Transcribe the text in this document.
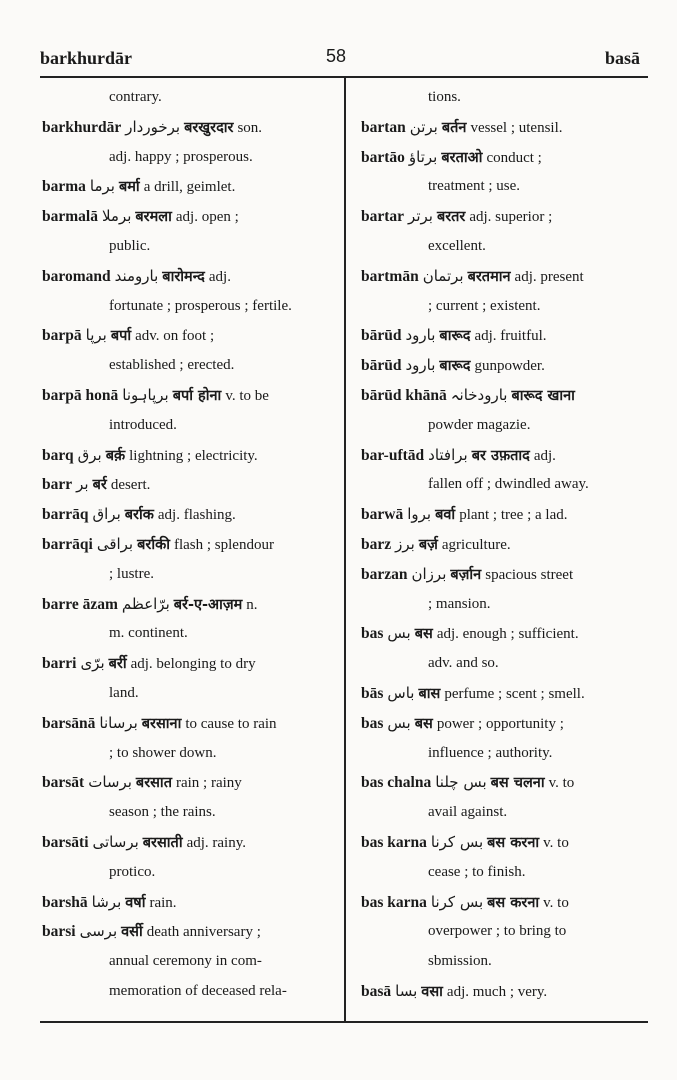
barkhurdār	58	basā
contrary.
barkhurdār برخوردار बरखुरदार son.
adj. happy ; prosperous.
barma برما बर्मा a drill, geimlet.
barmalā برملا बरमला adj. open ;
public.
baromand بارومند बारोमन्द adj.
fortunate ; prosperous ; fertile.
barpā برپا बर्पा adv. on foot ;
established ; erected.
barpā honā برپاہونا बर्पा होना v. to be
introduced.
barq برق बर्क़ lightning ; electricity.
barr بر बर्र desert.
barrāq براق बर्राक adj. flashing.
barrāqi براقی बर्राकी flash ; splendour
; lustre.
barre āzam برّاعظم बर्र-ए-आज़म n.
m. continent.
barri برّی बर्री adj. belonging to dry
land.
barsānā برسانا बरसाना to cause to rain
; to shower down.
barsāt برسات बरसात rain ; rainy
season ; the rains.
barsāti برساتی बरसाती adj. rainy.
protico.
barshā برشا वर्षा rain.
barsi برسی वर्सी death anniversary ;
annual ceremony in com-
memoration of deceased rela-
tions.
bartan برتن बर्तन vessel ; utensil.
bartāo برتاؤ बरताओ conduct ;
treatment ; use.
bartar برتر बरतर adj. superior ;
excellent.
bartmān برتمان बरतमान adj. present
; current ; existent.
bārūd بارود बारूद adj. fruitful.
bārūd بارود बारूद gunpowder.
bārūd khānā بارودخانہ बारूद खाना
powder magazie.
bar-uftād برافتاد बर उफ़ताद adj.
fallen off ; dwindled away.
barwā بروا बर्वा plant ; tree ; a lad.
barz برز बर्ज़ agriculture.
barzan برزان बर्ज़ान spacious street
; mansion.
bas بس बस adj. enough ; sufficient.
adv. and so.
bās باس बास perfume ; scent ; smell.
bas بس बस power ; opportunity ;
influence ; authority.
bas chalna بس چلنا बस चलना v. to
avail against.
bas karna بس کرنا बस करना v. to
cease ; to finish.
bas karna بس کرنا बस करना v. to
overpower ; to bring to
sbmission.
basā بسا वसा adj. much ; very.
